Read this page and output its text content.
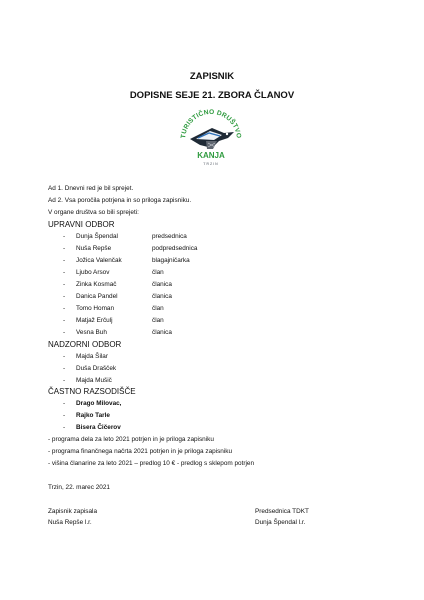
ZAPISNIK
DOPISNE SEJE 21. ZBORA ČLANOV
TURISTIČNO DRUŠTVO
KANJA
TRZIN
Ad 1. Dnevni red je bil sprejet.
Ad 2. Vsa poročila potrjena in so priloga zapisniku.
V organe društva so bili sprejeti:
UPRAVNI ODBOR
- Dunja Špendal	predsednica
- Nuša Repše	podpredsednica
- Jožica Valenčak	blagajničarka
- Ljubo Arsov	član
- Zinka Kosmač	članica
- Danica Pandel	članica
- Tomo Homan	član
- Matjaž Erčulj	član
- Vesna Buh	članica
NADZORNI ODBOR
- Majda Šilar
- Duša Drašček
- Majda Mušič
ČASTNO RAZSODIŠČE
- Drago Milovac,
- Rajko Tarle
- Bisera Čičerov
- programa dela za leto 2021 potrjen in je priloga zapisniku
- programa finančnega načrta 2021 potrjen in je priloga zapisniku
- višina članarine za leto 2021 – predlog 10 € - predlog s sklepom potrjen
Trzin, 22. marec 2021
Zapisnik zapisala
Nuša Repše l.r.
Predsednica TDKT
Dunja Špendal l.r.
